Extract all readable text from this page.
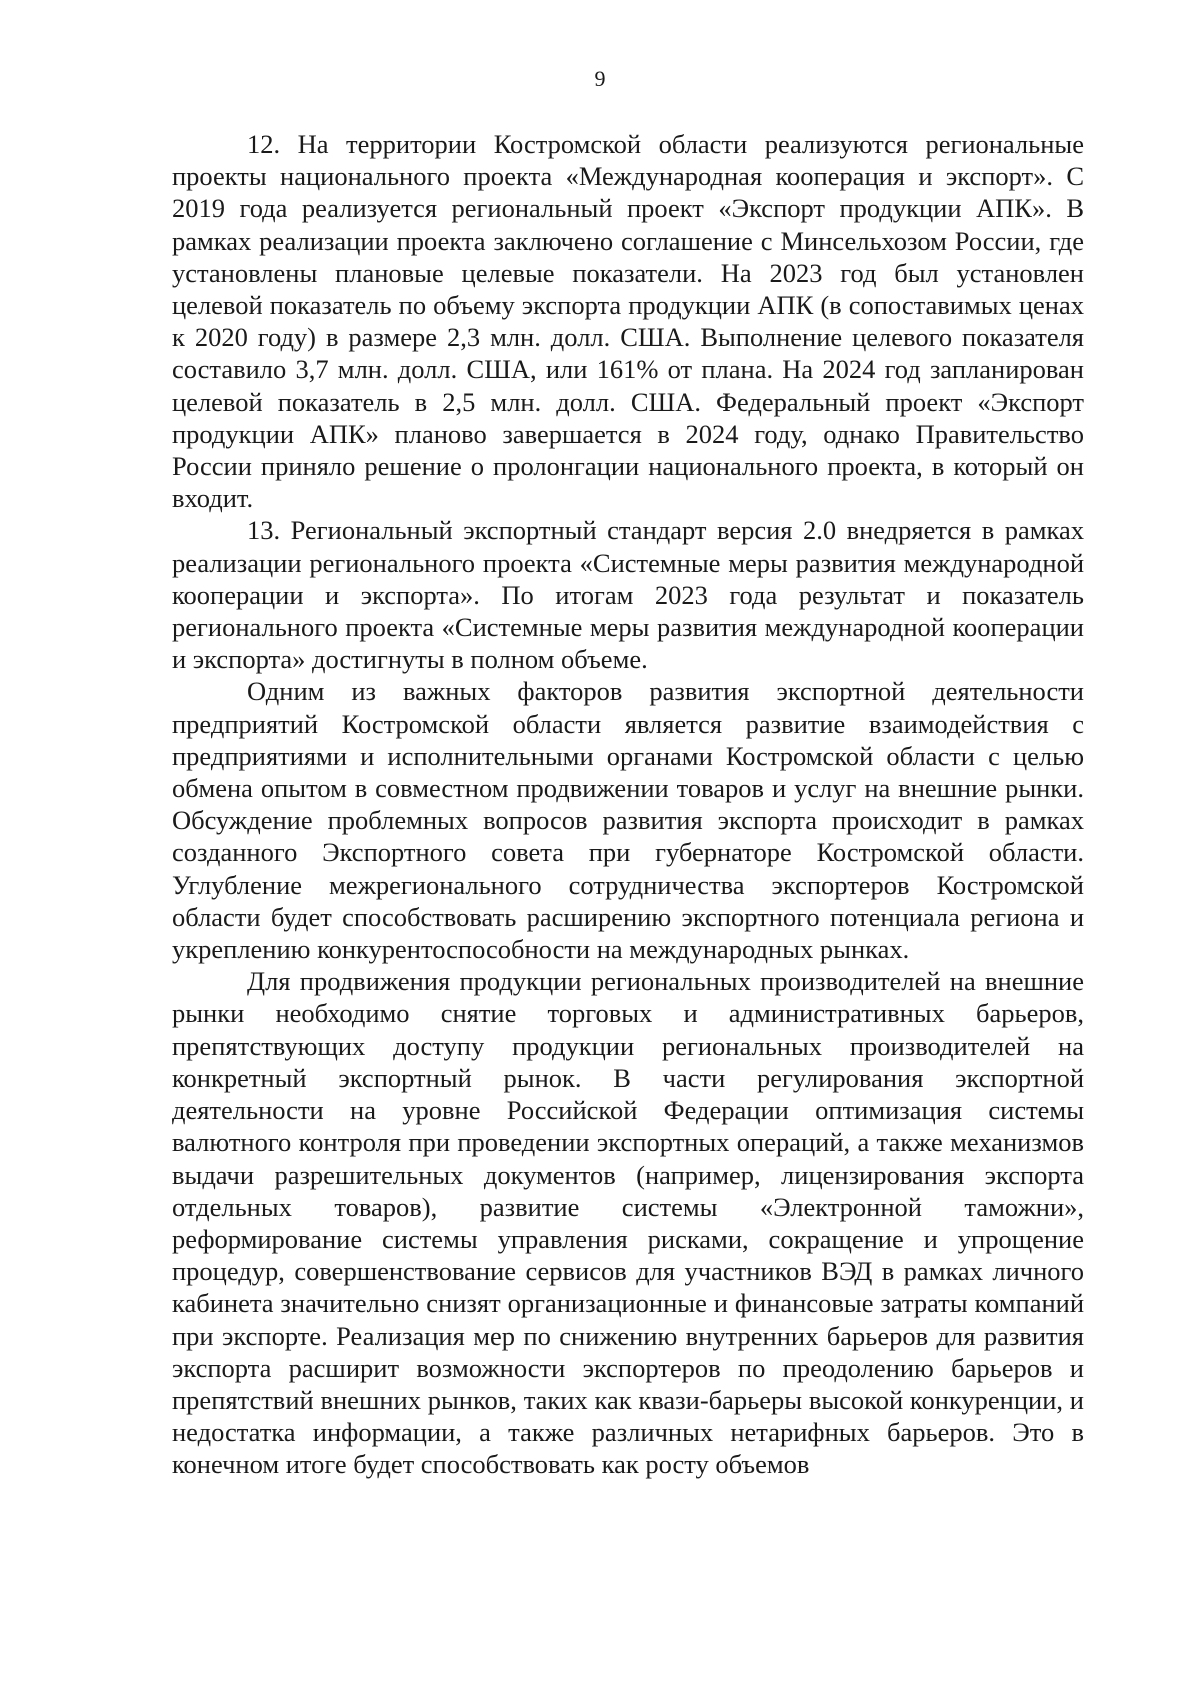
9

12. На территории Костромской области реализуются региональные проекты национального проекта «Международная кооперация и экспорт». С 2019 года реализуется региональный проект «Экспорт продукции АПК». В рамках реализации проекта заключено соглашение с Минсельхозом России, где установлены плановые целевые показатели. На 2023 год был установлен целевой показатель по объему экспорта продукции АПК (в сопоставимых ценах к 2020 году) в размере 2,3 млн. долл. США. Выполнение целевого показателя составило 3,7 млн. долл. США, или 161% от плана. На 2024 год запланирован целевой показатель в 2,5 млн. долл. США. Федеральный проект «Экспорт продукции АПК» планово завершается в 2024 году, однако Правительство России приняло решение о пролонгации национального проекта, в который он входит.

13. Региональный экспортный стандарт версия 2.0 внедряется в рамках реализации регионального проекта «Системные меры развития международной кооперации и экспорта». По итогам 2023 года результат и показатель регионального проекта «Системные меры развития международной кооперации и экспорта» достигнуты в полном объеме.

Одним из важных факторов развития экспортной деятельности предприятий Костромской области является развитие взаимодействия с предприятиями и исполнительными органами Костромской области с целью обмена опытом в совместном продвижении товаров и услуг на внешние рынки. Обсуждение проблемных вопросов развития экспорта происходит в рамках созданного Экспортного совета при губернаторе Костромской области. Углубление межрегионального сотрудничества экспортеров Костромской области будет способствовать расширению экспортного потенциала региона и укреплению конкурентоспособности на международных рынках.

Для продвижения продукции региональных производителей на внешние рынки необходимо снятие торговых и административных барьеров, препятствующих доступу продукции региональных производителей на конкретный экспортный рынок. В части регулирования экспортной деятельности на уровне Российской Федерации оптимизация системы валютного контроля при проведении экспортных операций, а также механизмов выдачи разрешительных документов (например, лицензирования экспорта отдельных товаров), развитие системы «Электронной таможни», реформирование системы управления рисками, сокращение и упрощение процедур, совершенствование сервисов для участников ВЭД в рамках личного кабинета значительно снизят организационные и финансовые затраты компаний при экспорте. Реализация мер по снижению внутренних барьеров для развития экспорта расширит возможности экспортеров по преодолению барьеров и препятствий внешних рынков, таких как квази-барьеры высокой конкуренции, и недостатка информации, а также различных нетарифных барьеров. Это в конечном итоге будет способствовать как росту объемов
